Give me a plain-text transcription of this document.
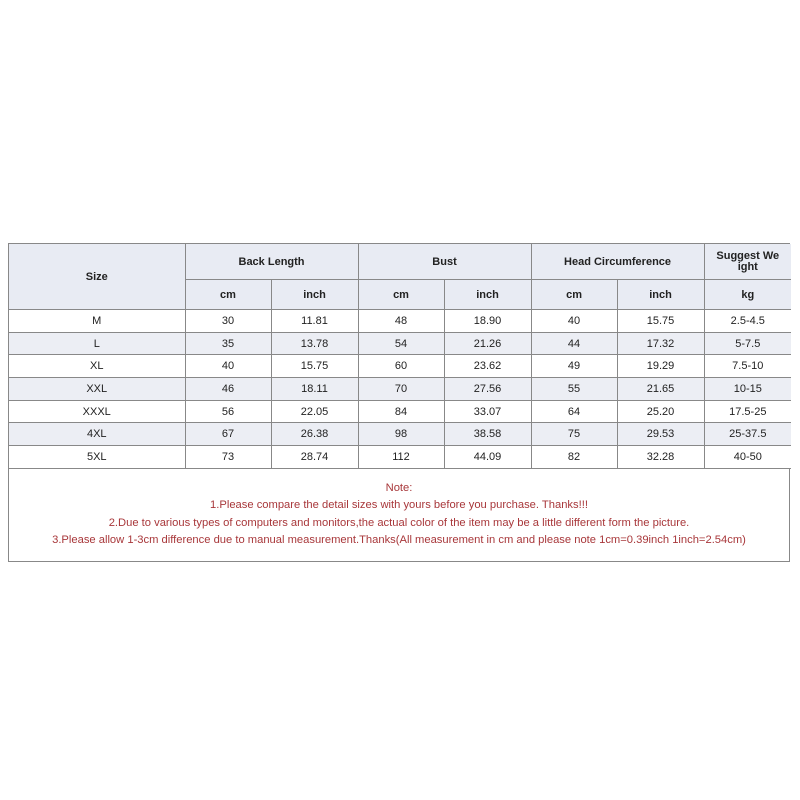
Size	Back Length		Bust		Head Circumference		Suggest Weight
	cm	inch	cm	inch	cm	inch	kg
M	30	11.81	48	18.90	40	15.75	2.5-4.5
L	35	13.78	54	21.26	44	17.32	5-7.5
XL	40	15.75	60	23.62	49	19.29	7.5-10
XXL	46	18.11	70	27.56	55	21.65	10-15
XXXL	56	22.05	84	33.07	64	25.20	17.5-25
4XL	67	26.38	98	38.58	75	29.53	25-37.5
5XL	73	28.74	112	44.09	82	32.28	40-50
Note:
1.Please compare the detail sizes with yours before you purchase. Thanks!!!
2.Due to various types of computers and monitors,the actual color of the item may be a little different form the picture.
3.Please allow 1-3cm difference due to manual measurement.Thanks(All measurement in cm and please note 1cm=0.39inch 1inch=2.54cm)
